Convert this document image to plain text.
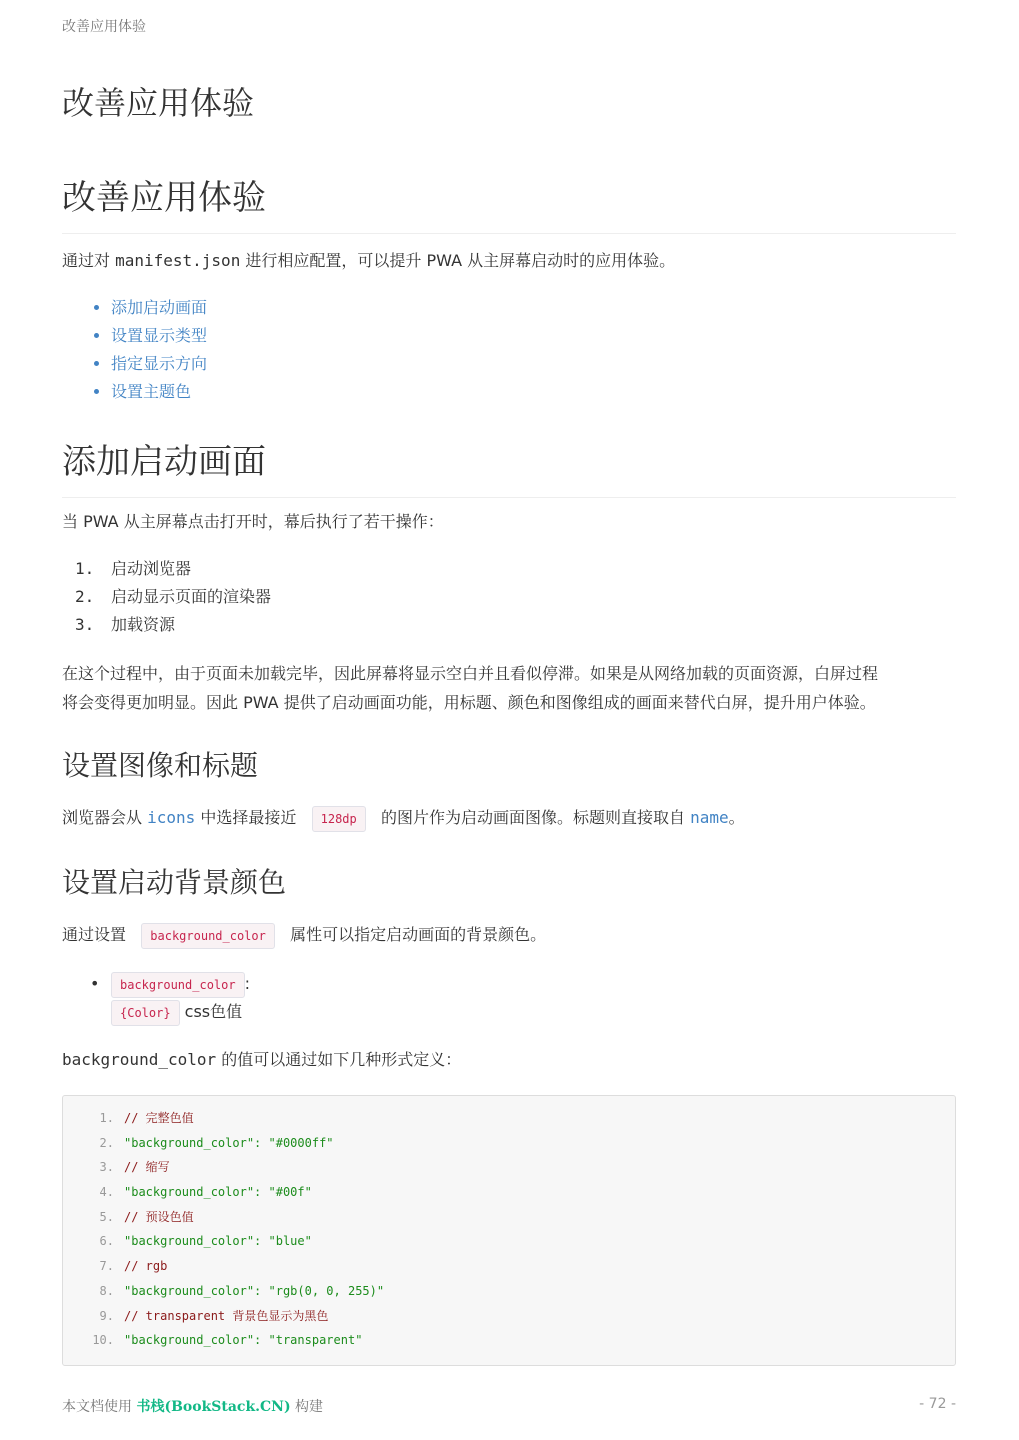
改善应用体验
改善应用体验
改善应用体验

通过对 manifest.json 进行相应配置，可以提升 PWA 从主屏幕启动时的应用体验。

• 添加启动画面
• 设置显示类型
• 指定显示方向
• 设置主题色
添加启动画面

当 PWA 从主屏幕点击打开时，幕后执行了若干操作：

1. 启动浏览器
2. 启动显示页面的渲染器
3. 加载资源

在这个过程中，由于页面未加载完毕，因此屏幕将显示空白并且看似停滞。如果是从网络加载的页面资源，白屏过程
将会变得更加明显。因此 PWA 提供了启动画面功能，用标题、颜色和图像组成的画面来替代白屏，提升用户体验。

设置图像和标题

浏览器会从 icons 中选择最接近   128dp   的图片作为启动画面图像。标题则直接取自 name。

设置启动背景颜色

通过设置   background_color   属性可以指定启动画面的背景颜色。

•	background_color :
{Color} css色值

background_color 的值可以通过如下几种形式定义：

1. // 完整色值
2. "background_color": "#0000ff"
3. // 缩写
4. "background_color": "#00f"
5. // 预设色值
6. "background_color": "blue"
7. // rgb
8. "background_color": "rgb(0, 0, 255)"
9. // transparent 背景色显示为黑色
10. "background_color": "transparent"
本文档使用 书栈(BookStack.CN) 构建	- 72 -
